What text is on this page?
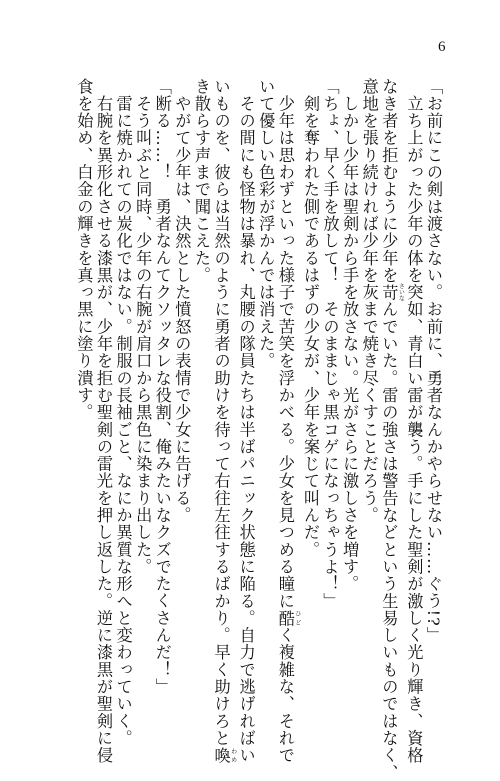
6
「お前にこの剣は渡さない。お前に、勇者なんかやらせない……ぐう!?」
　立ち上がった少年の体を突如、青白い雷が襲う。手にした聖剣が激しく光り輝き、資格
なき者を拒むように少年を苛 さいなんでいた。雷の強さは警告などという生易しいものではなく、
意地を張り続ければ少年を灰まで焼き尽くすことだろう。
　しかし少年は聖剣から手を放さない。光がさらに激しさを増す。
「ちょ、早く手を放して！　そのままじゃ黒コゲになっちゃうよ！」
　剣を奪われた側であるはずの少女が、少年を案じて叫んだ。
　少年は思わずといった様子で苦笑を浮かべる。少女を見つめる瞳に酷 ひどく複雑な、それで
いて優しい色彩が浮かんでは消えた。
　その間にも怪物は暴れ、丸腰の隊員たちは半ばパニック状態に陥る。自力で逃げればい
いものを、彼らは当然のように勇者の助けを待って右往左往するばかり。早く助けろと喚 わめ
き散らす声まで聞こえた。
　やがて少年は、決然とした憤怒の表情で少女に告げる。
「断る……！　勇者なんてクソッタレな役割、俺みたいなクズでたくさんだ！」
　そう叫ぶと同時、少年の右腕が肩口から黒色に染まり出した。
　雷に焼かれての炭化ではない。制服の長袖ごと、なにか異質な形へと変わっていく。
　右腕を異形化させる漆黒が、少年を拒む聖剣の雷光を押し返した。逆に漆黒が聖剣に侵
食を始め、白金の輝きを真っ黒に塗り潰す。
